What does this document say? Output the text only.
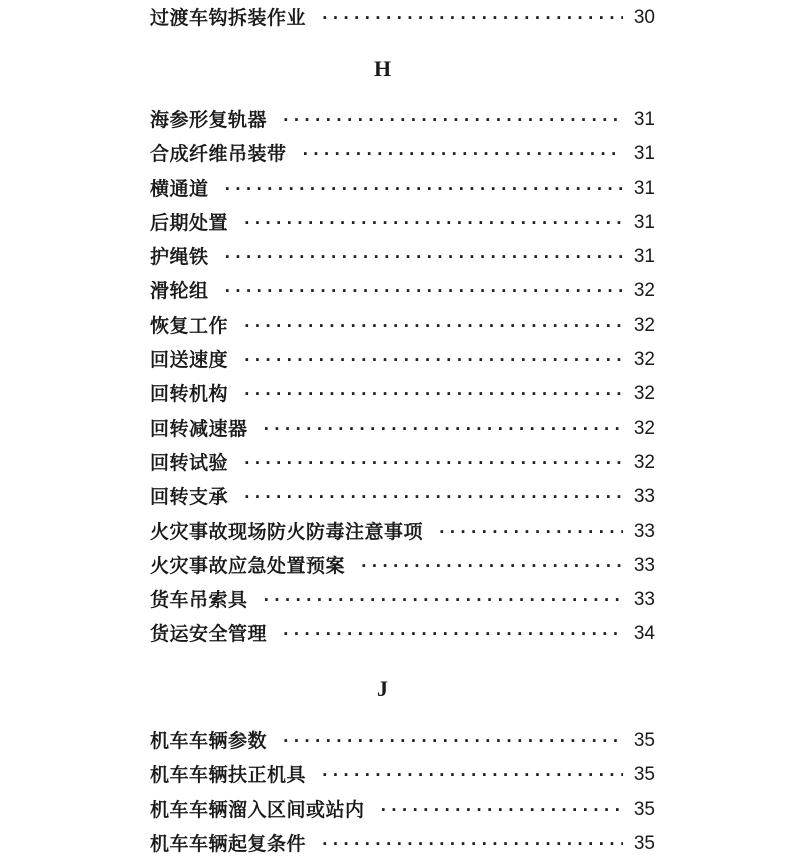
过渡车钩拆装作业 ·····	30
H
海参形复轨器 ·····	31
合成纤维吊装带 ·····	31
横通道 ·····	31
后期处置 ·····	31
护绳铁 ·····	31
滑轮组 ·····	32
恢复工作 ·····	32
回送速度 ·····	32
回转机构 ·····	32
回转减速器 ·····	32
回转试验 ·····	32
回转支承 ·····	33
火灾事故现场防火防毒注意事项 ·····	33
火灾事故应急处置预案 ·····	33
货车吊索具 ·····	33
货运安全管理 ·····	34
J
机车车辆参数 ·····	35
机车车辆扶正机具 ·····	35
机车车辆溜入区间或站内 ·····	35
机车车辆起复条件 ·····	35
